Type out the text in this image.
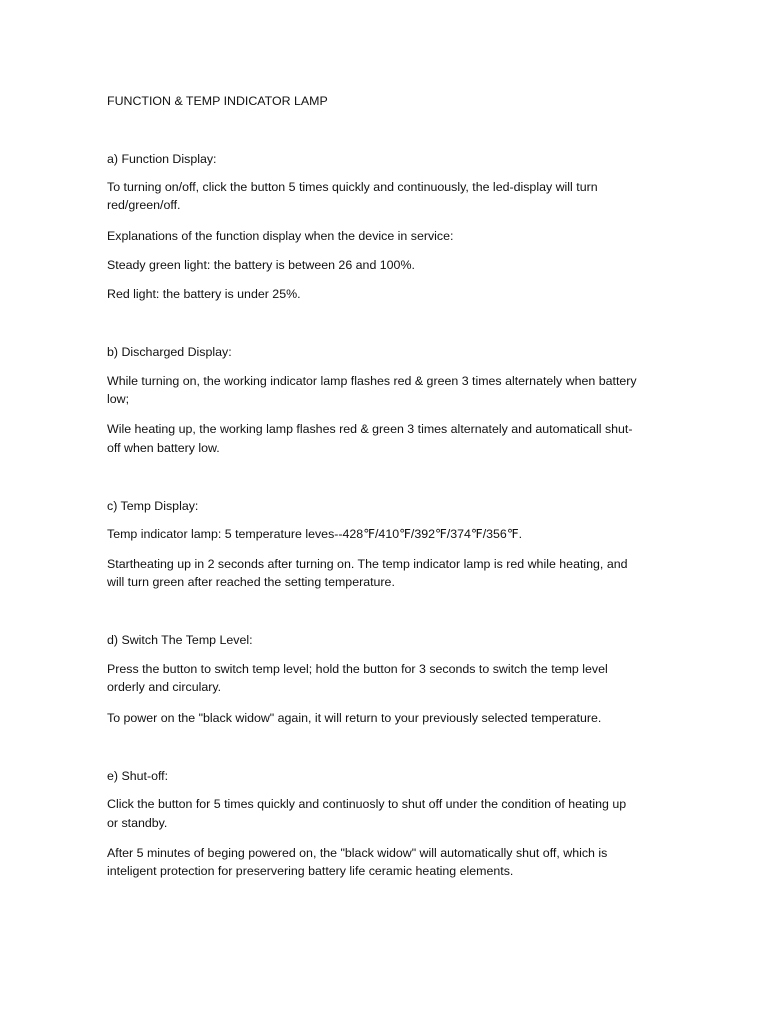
FUNCTION & TEMP INDICATOR LAMP

a) Function Display:

To turning on/off, click the button 5 times quickly and continuously, the led-display will turn

red/green/off.

Explanations of the function display when the device in service:

Steady green light: the battery is between 26 and 100%.

Red light: the battery is under 25%.

b) Discharged Display:

While turning on, the working indicator lamp flashes red & green 3 times alternately when battery

low;

Wile heating up, the working lamp flashes red & green 3 times alternately and automaticall shut-

off when battery low.

c) Temp Display:

Temp indicator lamp: 5 temperature leves--428℉/410℉/392℉/374℉/356℉.

Startheating up in 2 seconds after turning on. The temp indicator lamp is red while heating, and

will turn green after reached the setting temperature.

d) Switch The Temp Level:

Press the button to switch temp level; hold the button for 3 seconds to switch the temp level

orderly and circulary.

To power on the "black widow" again, it will return to your previously selected temperature.

e) Shut-off:

Click the button for 5 times quickly and continuosly to shut off under the condition of heating up

or standby.

After 5 minutes of beging powered on, the "black widow" will automatically shut off, which is

inteligent protection for preservering battery life ceramic heating elements.
